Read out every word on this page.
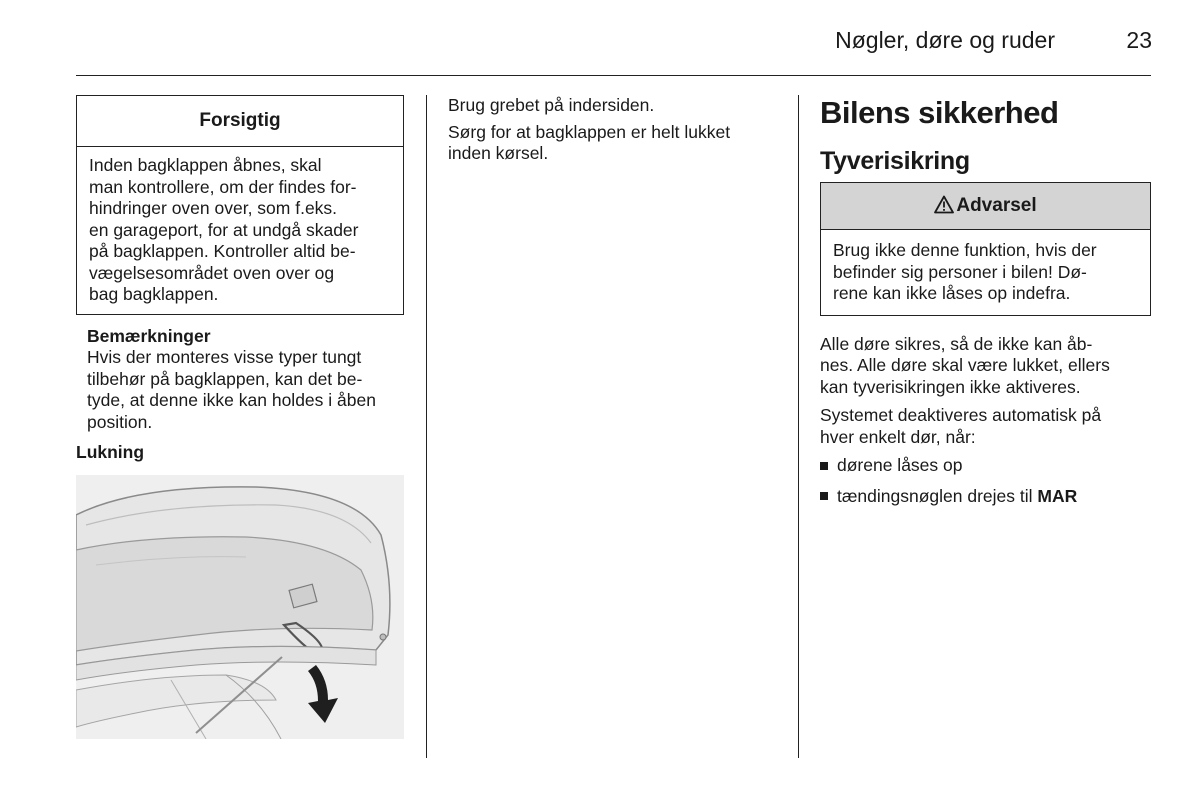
Nøgler, døre og ruder	23
Forsigtig
Inden bagklappen åbnes, skal
man kontrollere, om der findes for-
hindringer oven over, som f.eks.
en garageport, for at undgå skader
på bagklappen. Kontroller altid be-
vægelsesområdet oven over og
bag bagklappen.

Bemærkninger

Hvis der monteres visse typer tungt

tilbehør på bagklappen, kan det be-

tyde, at denne ikke kan holdes i åben

position.

Lukning

Brug grebet på indersiden.

Sørg for at bagklappen er helt lukket
inden kørsel.

Bilens sikkerhed
Tyverisikring
Advarsel
Brug ikke denne funktion, hvis der
befinder sig personer i bilen! Dø-
rene kan ikke låses op indefra.

Alle døre sikres, så de ikke kan åb-
nes. Alle døre skal være lukket, ellers
kan tyverisikringen ikke aktiveres.

Systemet deaktiveres automatisk på
hver enkelt dør, når:

dørene låses op
tændingsnøglen drejes til MAR
